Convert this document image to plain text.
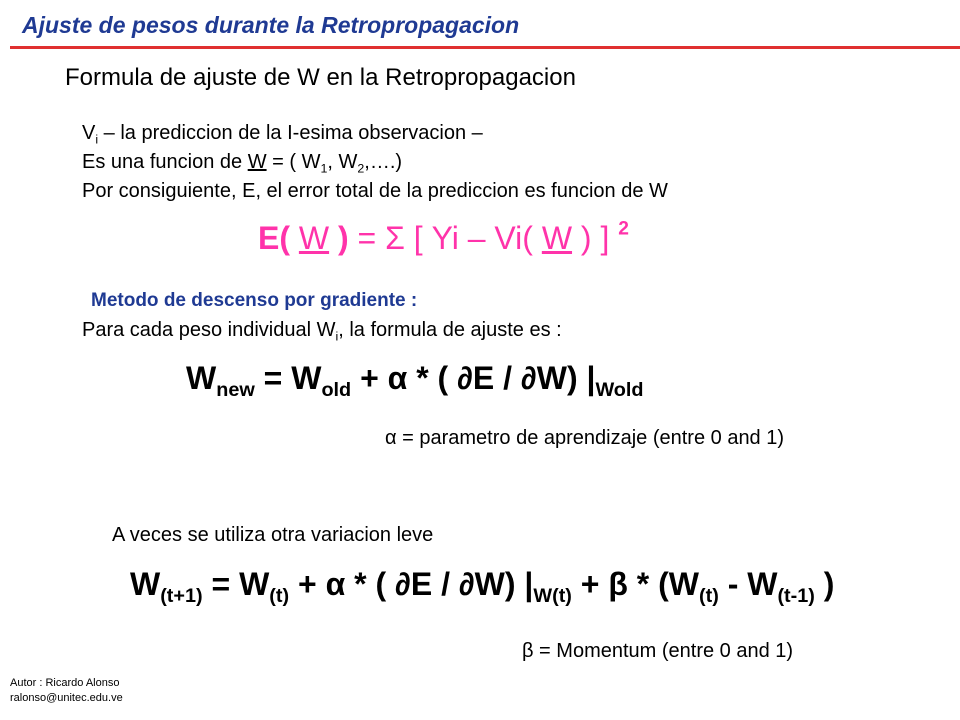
Ajuste de pesos durante la Retropropagacion
Formula de ajuste de W en la Retropropagacion
$V_i$ – la prediccion de la I-esima observacion –
Es una funcion de W = ( $W_1$, $W_2,\dots$.)
Por consiguiente, E, el error total de la prediccion es funcion de W
E( W ) = Σ [ Yi – Vi( W ) ] $^2$
Metodo de descenso por gradiente :
Para cada peso individual $W_i$, la formula de ajuste es :
$W_{new} = W_{old} + \alpha$ * ( ∂E / ∂W) $|_{Wold}$
α = parametro de aprendizaje (entre 0 and 1)
A veces se utiliza otra variacion leve
$W_{(t+1)} = W_{(t)} + \alpha$ * ( ∂E / ∂W) $|_{W(t)} + \beta * (W_{(t)} - W_{(t-1)}$ )
β = Momentum (entre 0 and 1)
Autor : Ricardo Alonso
ralonso@unitec.edu.ve
